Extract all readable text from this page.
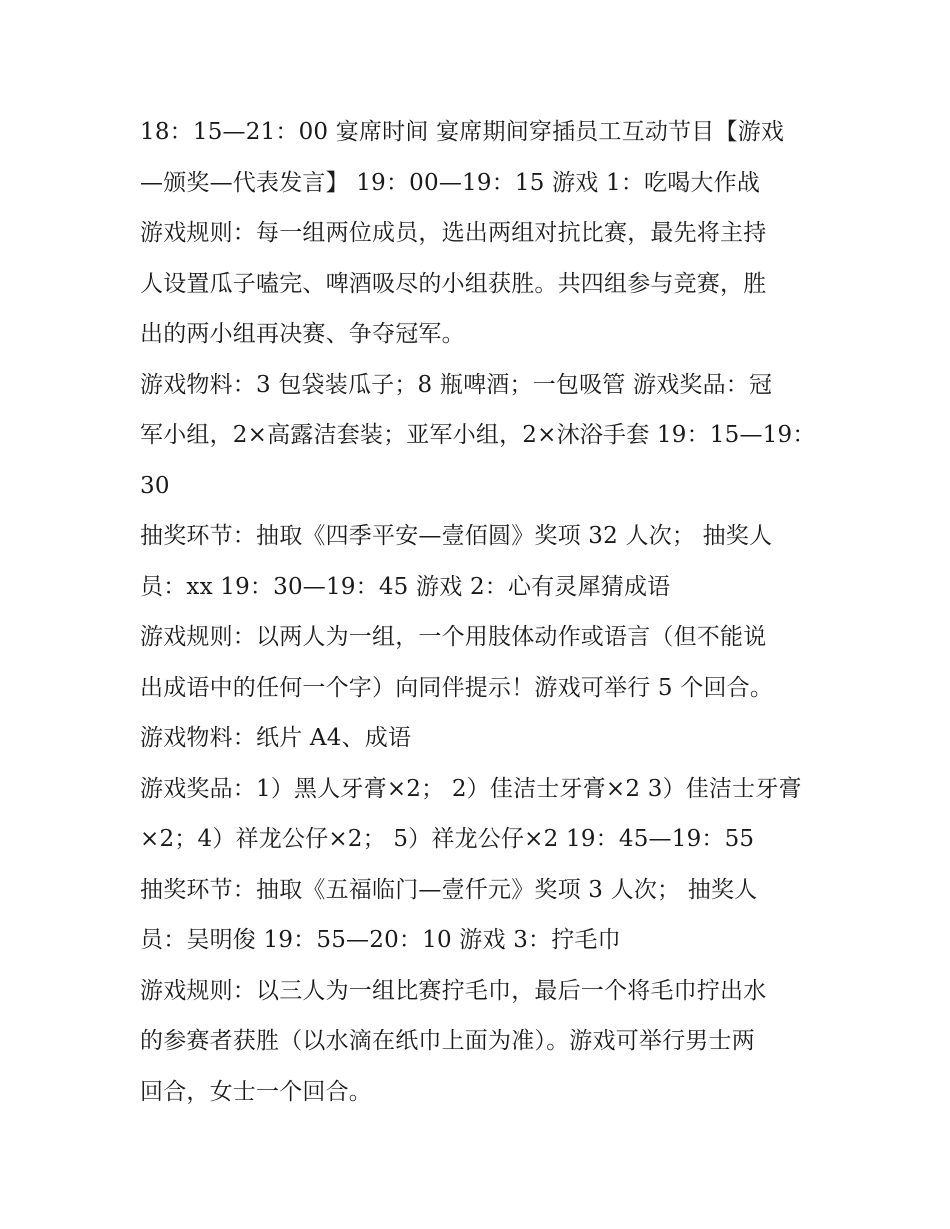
18：15—21：00 宴席时间 宴席期间穿插员工互动节目【游戏
—颁奖—代表发言】 19：00—19：15 游戏 1：吃喝大作战
游戏规则：每一组两位成员，选出两组对抗比赛，最先将主持
人设置瓜子嗑完、啤酒吸尽的小组获胜。共四组参与竞赛，胜
出的两小组再决赛、争夺冠军。
游戏物料：3 包袋装瓜子；8 瓶啤酒；一包吸管 游戏奖品：冠
军小组，2×高露洁套装；亚军小组，2×沐浴手套 19：15—19：
30
抽奖环节：抽取《四季平安—壹佰圆》奖项 32 人次； 抽奖人
员：xx 19：30—19：45 游戏 2：心有灵犀猜成语
游戏规则：以两人为一组，一个用肢体动作或语言（但不能说
出成语中的任何一个字）向同伴提示！游戏可举行 5 个回合。
游戏物料：纸片 A4、成语
游戏奖品：1）黑人牙膏×2； 2）佳洁士牙膏×2 3）佳洁士牙膏
×2；4）祥龙公仔×2； 5）祥龙公仔×2 19：45—19：55
抽奖环节：抽取《五福临门—壹仟元》奖项 3 人次； 抽奖人
员：吴明俊 19：55—20：10 游戏 3：拧毛巾
游戏规则：以三人为一组比赛拧毛巾，最后一个将毛巾拧出水
的参赛者获胜（以水滴在纸巾上面为准）。游戏可举行男士两
回合，女士一个回合。
